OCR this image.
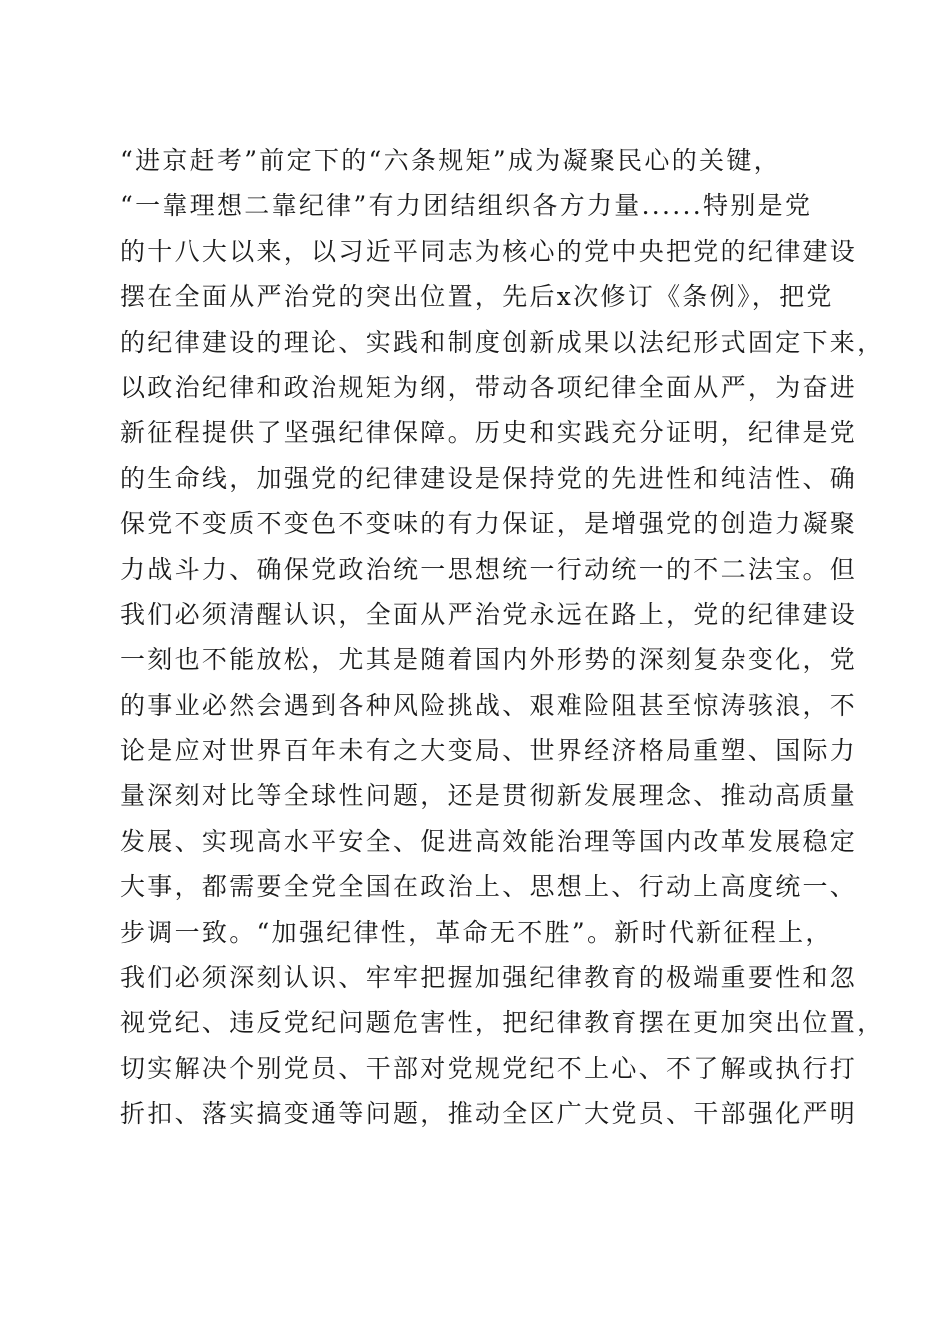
“进京赶考”前定下的“六条规矩”成为凝聚民心的关键，
“一靠理想二靠纪律”有力团结组织各方力量......特别是党
的十八大以来，以习近平同志为核心的党中央把党的纪律建设
摆在全面从严治党的突出位置，先后x次修订《条例》，把党
的纪律建设的理论、实践和制度创新成果以法纪形式固定下来，
以政治纪律和政治规矩为纲，带动各项纪律全面从严，为奋进
新征程提供了坚强纪律保障。历史和实践充分证明，纪律是党
的生命线，加强党的纪律建设是保持党的先进性和纯洁性、确
保党不变质不变色不变味的有力保证，是增强党的创造力凝聚
力战斗力、确保党政治统一思想统一行动统一的不二法宝。但
我们必须清醒认识，全面从严治党永远在路上，党的纪律建设
一刻也不能放松，尤其是随着国内外形势的深刻复杂变化，党
的事业必然会遇到各种风险挑战、艰难险阻甚至惊涛骇浪，不
论是应对世界百年未有之大变局、世界经济格局重塑、国际力
量深刻对比等全球性问题，还是贯彻新发展理念、推动高质量
发展、实现高水平安全、促进高效能治理等国内改革发展稳定
大事，都需要全党全国在政治上、思想上、行动上高度统一、
步调一致。“加强纪律性，革命无不胜”。新时代新征程上，
我们必须深刻认识、牢牢把握加强纪律教育的极端重要性和忽
视党纪、违反党纪问题危害性，把纪律教育摆在更加突出位置，
切实解决个别党员、干部对党规党纪不上心、不了解或执行打
折扣、落实搞变通等问题，推动全区广大党员、干部强化严明
